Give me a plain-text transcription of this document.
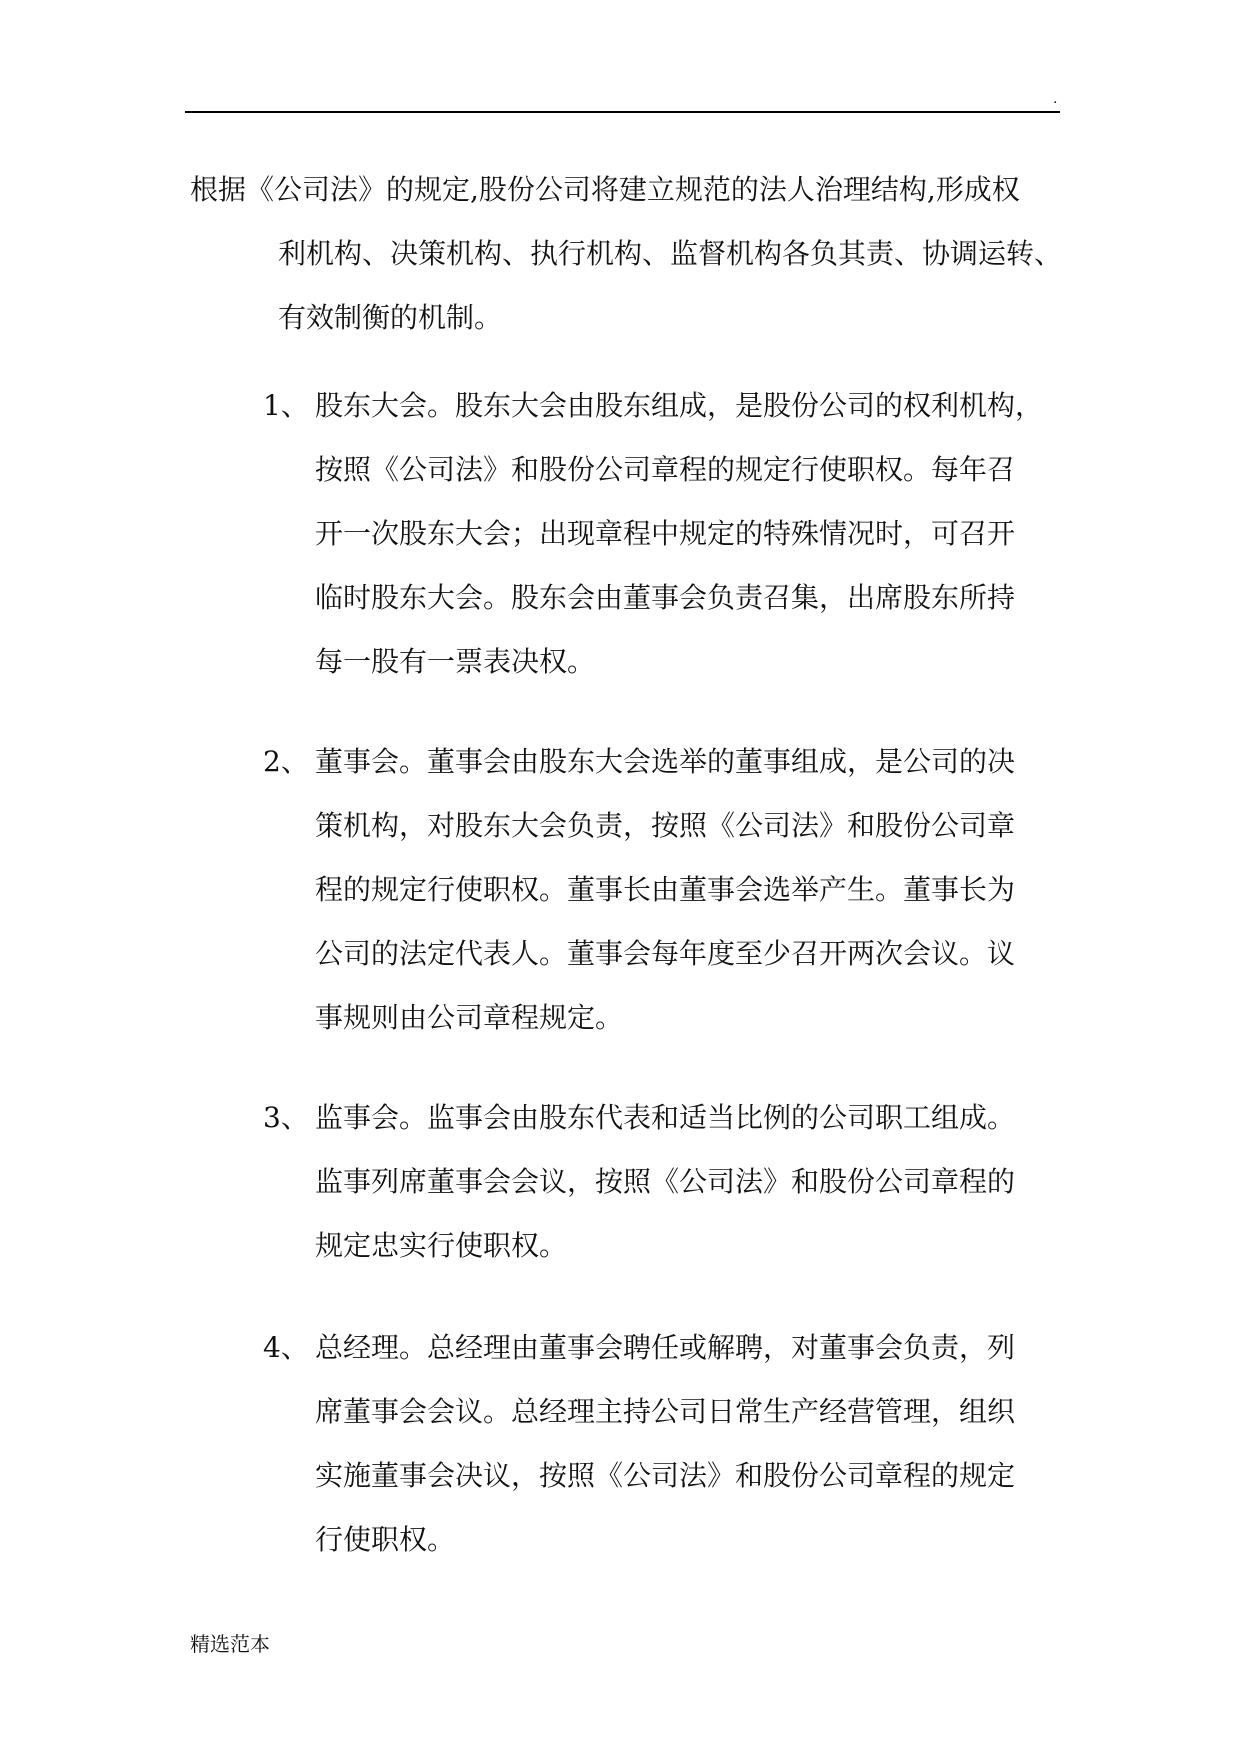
.
根据《公司法》的规定,股份公司将建立规范的法人治理结构,形成权
利机构、决策机构、执行机构、监督机构各负其责、协调运转、
有效制衡的机制。
1、 股东大会。股东大会由股东组成，是股份公司的权利机构，
按照《公司法》和股份公司章程的规定行使职权。每年召
开一次股东大会；出现章程中规定的特殊情况时，可召开
临时股东大会。股东会由董事会负责召集，出席股东所持
每一股有一票表决权。
2、 董事会。董事会由股东大会选举的董事组成，是公司的决
策机构，对股东大会负责，按照《公司法》和股份公司章
程的规定行使职权。董事长由董事会选举产生。董事长为
公司的法定代表人。董事会每年度至少召开两次会议。议
事规则由公司章程规定。
3、 监事会。监事会由股东代表和适当比例的公司职工组成。
监事列席董事会会议，按照《公司法》和股份公司章程的
规定忠实行使职权。
4、 总经理。总经理由董事会聘任或解聘，对董事会负责，列
席董事会会议。总经理主持公司日常生产经营管理，组织
实施董事会决议，按照《公司法》和股份公司章程的规定
行使职权。
精选范本
